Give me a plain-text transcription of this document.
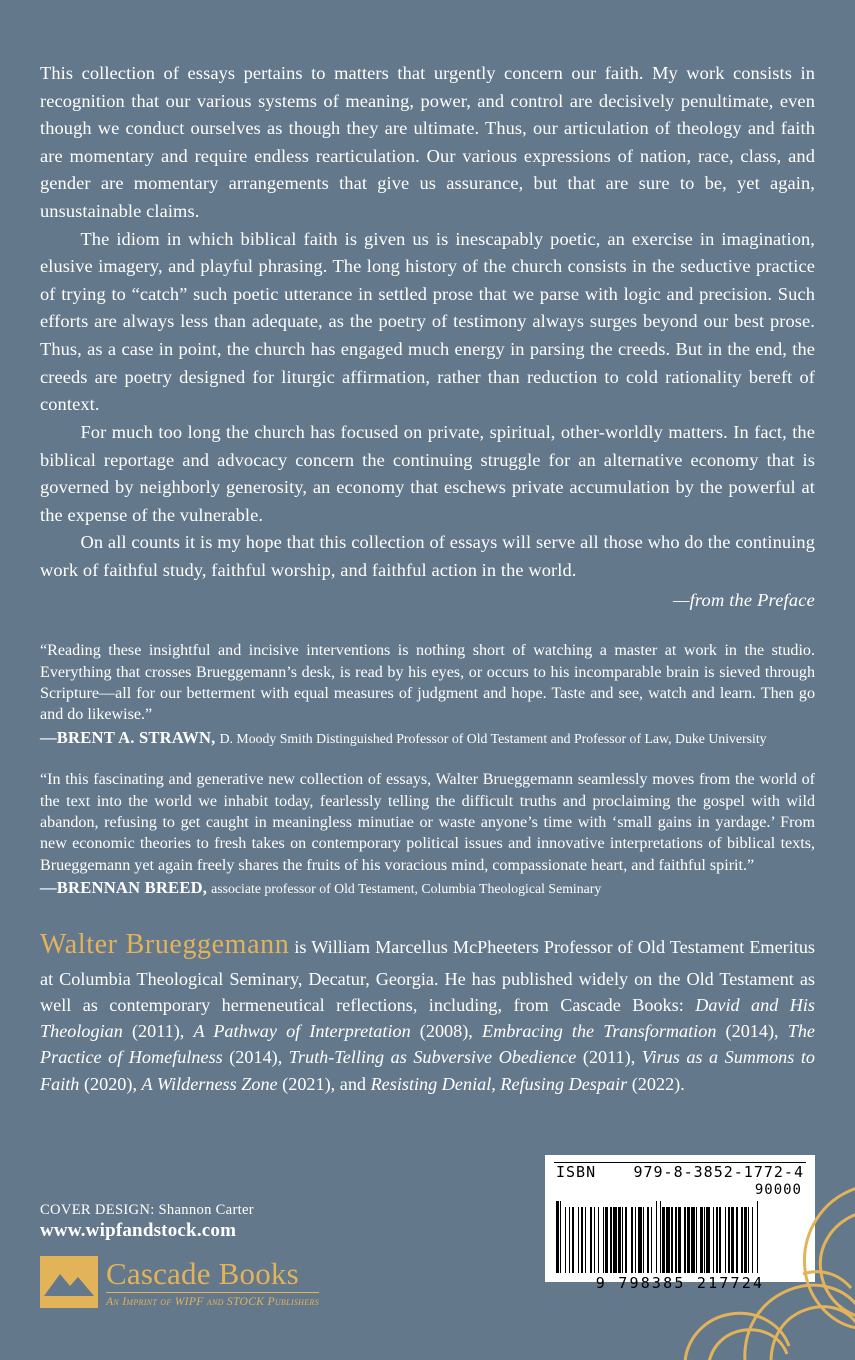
This collection of essays pertains to matters that urgently concern our faith. My work consists in recognition that our various systems of meaning, power, and control are decisively penultimate, even though we conduct ourselves as though they are ultimate. Thus, our articulation of theology and faith are momentary and require endless rearticulation. Our various expressions of nation, race, class, and gender are momentary arrangements that give us assurance, but that are sure to be, yet again, unsustainable claims.

The idiom in which biblical faith is given us is inescapably poetic, an exercise in imagination, elusive imagery, and playful phrasing. The long history of the church consists in the seductive practice of trying to “catch” such poetic utterance in settled prose that we parse with logic and precision. Such efforts are always less than adequate, as the poetry of testimony always surges beyond our best prose. Thus, as a case in point, the church has engaged much energy in parsing the creeds. But in the end, the creeds are poetry designed for liturgic affirmation, rather than reduction to cold rationality bereft of context.

For much too long the church has focused on private, spiritual, other-worldly matters. In fact, the biblical reportage and advocacy concern the continuing struggle for an alternative economy that is governed by neighborly generosity, an economy that eschews private accumulation by the powerful at the expense of the vulnerable.

On all counts it is my hope that this collection of essays will serve all those who do the continuing work of faithful study, faithful worship, and faithful action in the world.

—from the Preface
“Reading these insightful and incisive interventions is nothing short of watching a master at work in the studio. Everything that crosses Brueggemann’s desk, is read by his eyes, or occurs to his incomparable brain is sieved through Scripture—all for our betterment with equal measures of judgment and hope. Taste and see, watch and learn. Then go and do likewise.”
—BRENT A. STRAWN, D. Moody Smith Distinguished Professor of Old Testament and Professor of Law, Duke University
“In this fascinating and generative new collection of essays, Walter Brueggemann seamlessly moves from the world of the text into the world we inhabit today, fearlessly telling the difficult truths and proclaiming the gospel with wild abandon, refusing to get caught in meaningless minutiae or waste anyone’s time with ‘small gains in yardage.’ From new economic theories to fresh takes on contemporary political issues and innovative interpretations of biblical texts, Brueggemann yet again freely shares the fruits of his voracious mind, compassionate heart, and faithful spirit.”
—BRENNAN BREED, associate professor of Old Testament, Columbia Theological Seminary
Walter Brueggemann is William Marcellus McPheeters Professor of Old Testament Emeritus at Columbia Theological Seminary, Decatur, Georgia. He has published widely on the Old Testament as well as contemporary hermeneutical reflections, including, from Cascade Books: David and His Theologian (2011), A Pathway of Interpretation (2008), Embracing the Transformation (2014), The Practice of Homefulness (2014), Truth-Telling as Subversive Obedience (2011), Virus as a Summons to Faith (2020), A Wilderness Zone (2021), and Resisting Denial, Refusing Despair (2022).
COVER DESIGN: Shannon Carter
www.wipfandstock.com
Cascade Books
An Imprint of WIPF and STOCK Publishers
ISBN 979-8-3852-1772-4
90000
9 798385 217724
